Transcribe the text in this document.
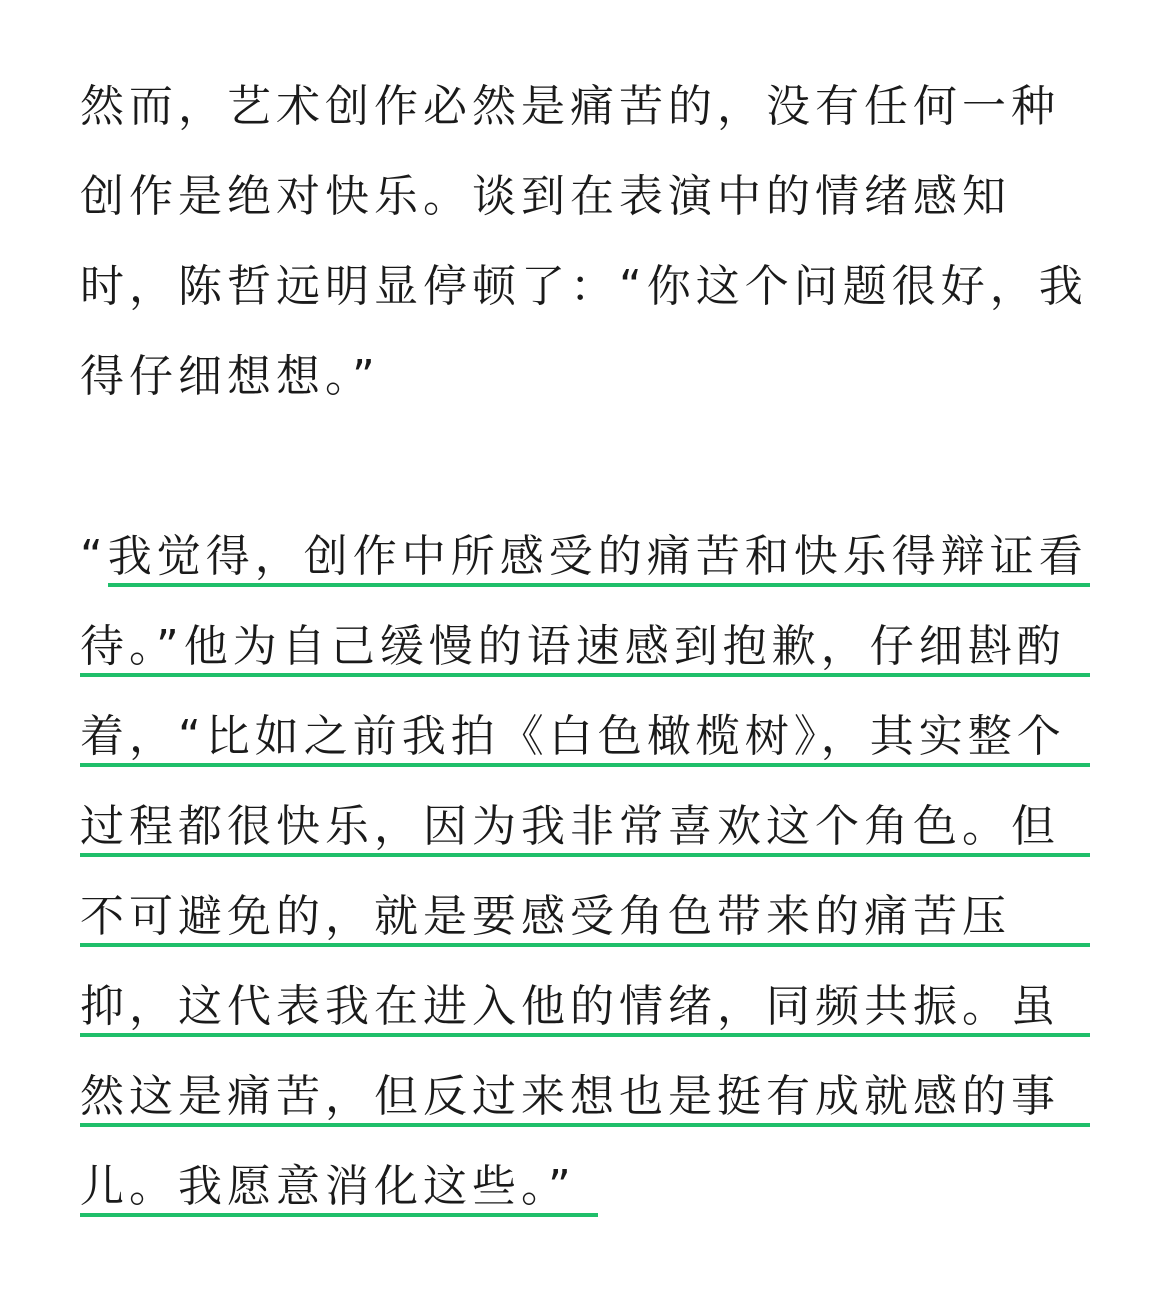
然而，艺术创作必然是痛苦的，没有任何一种
创作是绝对快乐。谈到在表演中的情绪感知
时，陈哲远明显停顿了：“你这个问题很好，我
得仔细想想。”
“我觉得，创作中所感受的痛苦和快乐得辩证看
待。”他为自己缓慢的语速感到抱歉，仔细斟酌
着，“比如之前我拍《白色橄榄树》，其实整个
过程都很快乐，因为我非常喜欢这个角色。但
不可避免的，就是要感受角色带来的痛苦压
抑，这代表我在进入他的情绪，同频共振。虽
然这是痛苦，但反过来想也是挺有成就感的事
儿。我愿意消化这些。”
